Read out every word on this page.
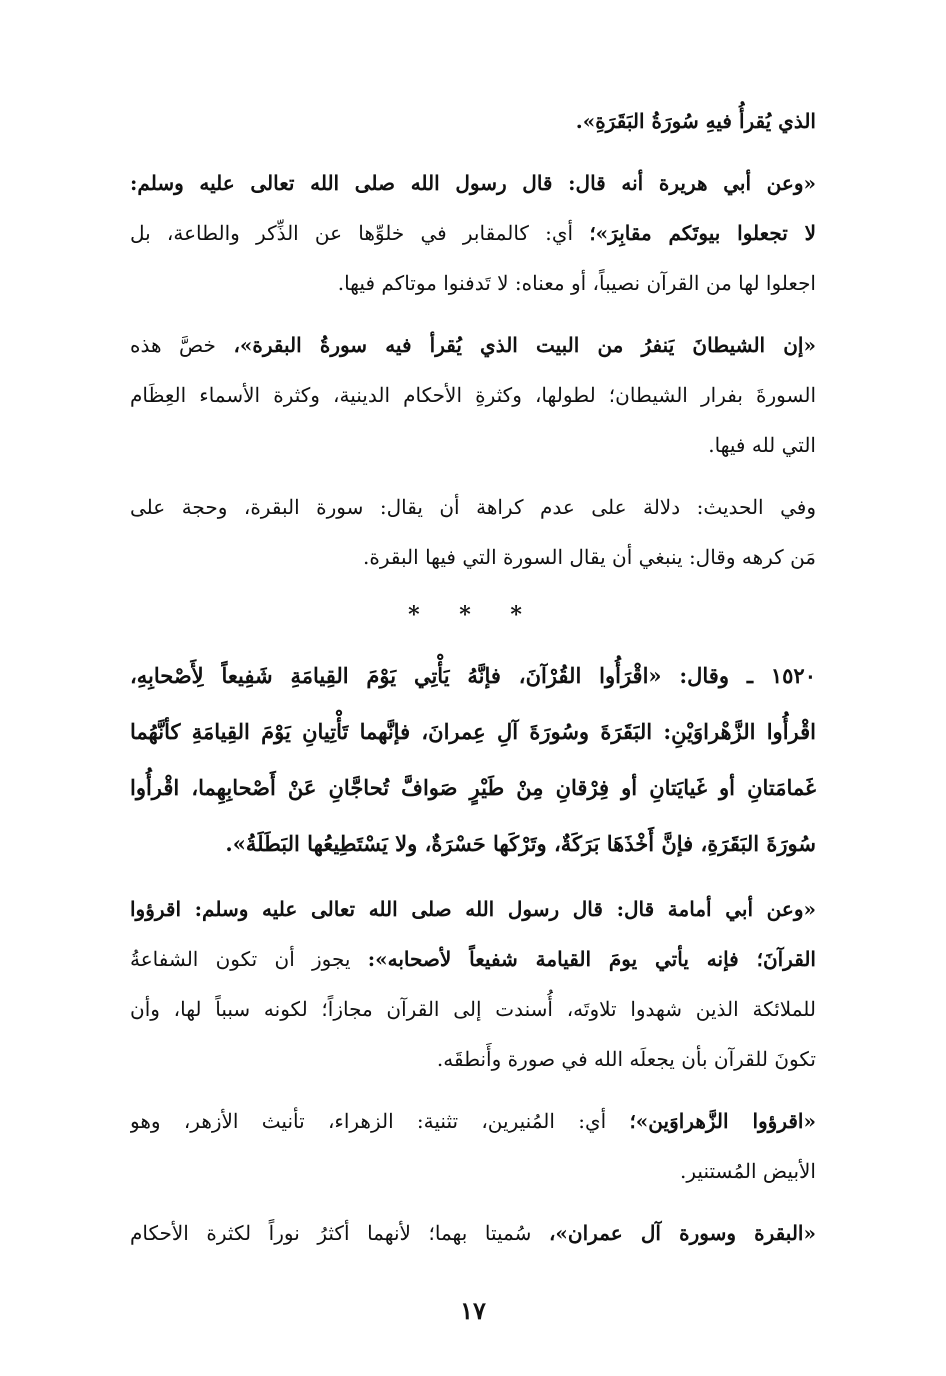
الذي يُقرأُ فيهِ سُورَةُ البَقَرَةِ».
«وعن أبي هريرة أنه قال: قال رسول الله صلى الله تعالى عليه وسلم:
لا تجعلوا بيوتَكم مقابِرَ»؛ أي: كالمقابر في خلوِّها عن الذِّكر والطاعة، بل
اجعلوا لها من القرآن نصيباً، أو معناه: لا تَدفنوا موتاكم فيها.
«إن الشيطانَ يَنفرُ من البيت الذي يُقرأ فيه سورةُ البقرة»، خصَّ هذه
السورةَ بفرار الشيطان؛ لطولها، وكثرةِ الأحكام الدينية، وكثرة الأسماء العِظَام
التي لله فيها.
وفي الحديث: دلالة على عدم كراهة أن يقال: سورة البقرة، وحجة على
مَن كرهه وقال: ينبغي أن يقال السورة التي فيها البقرة.
* * *
١٥٢٠ ـ وقال: «اقْرَأُوا القُرْآنَ، فإنَّهُ يَأْتِي يَوْمَ القِيامَةِ شَفِيعاً لِأَصْحابِهِ،
اقْرأُوا الزَّهْراوَيْنِ: البَقَرَةَ وسُورَةَ آلِ عِمرانَ، فإنَّهما تَأْتِيانِ يَوْمَ القِيامَةِ كأنَّهُما
غَمامَتانِ أو غَيايَتانِ أو فِرْقانِ مِنْ طَيْرٍ صَوافَّ تُحاجَّانِ عَنْ أَصْحابِهِما، اقْرأُوا
سُورَةَ البَقَرَةِ، فإنَّ أَخْذَهَا بَرَكَةٌ، وتَرْكَها حَسْرَةٌ، ولا يَسْتَطِيعُها البَطَلَةُ».
«وعن أبي أمامة قال: قال رسول الله صلى الله تعالى عليه وسلم: اقرؤوا
القرآنَ؛ فإنه يأتي يومَ القيامة شفيعاً لأصحابه»: يجوز أن تكون الشفاعةُ
للملائكة الذين شهدوا تلاوتَه، أُسندت إلى القرآن مجازاً؛ لكونه سبباً لها، وأن
تكونَ للقرآن بأن يجعلَه الله في صورة وأَنطقَه.
«اقرؤوا الزَّهراوَين»؛ أي: المُنيرين، تثنية: الزهراء، تأنيث الأزهر، وهو
الأبيض المُستنير.
«البقرة وسورة آل عمران»، سُميتا بهما؛ لأنهما أكثرُ نوراً لكثرة الأحكام
١٧
